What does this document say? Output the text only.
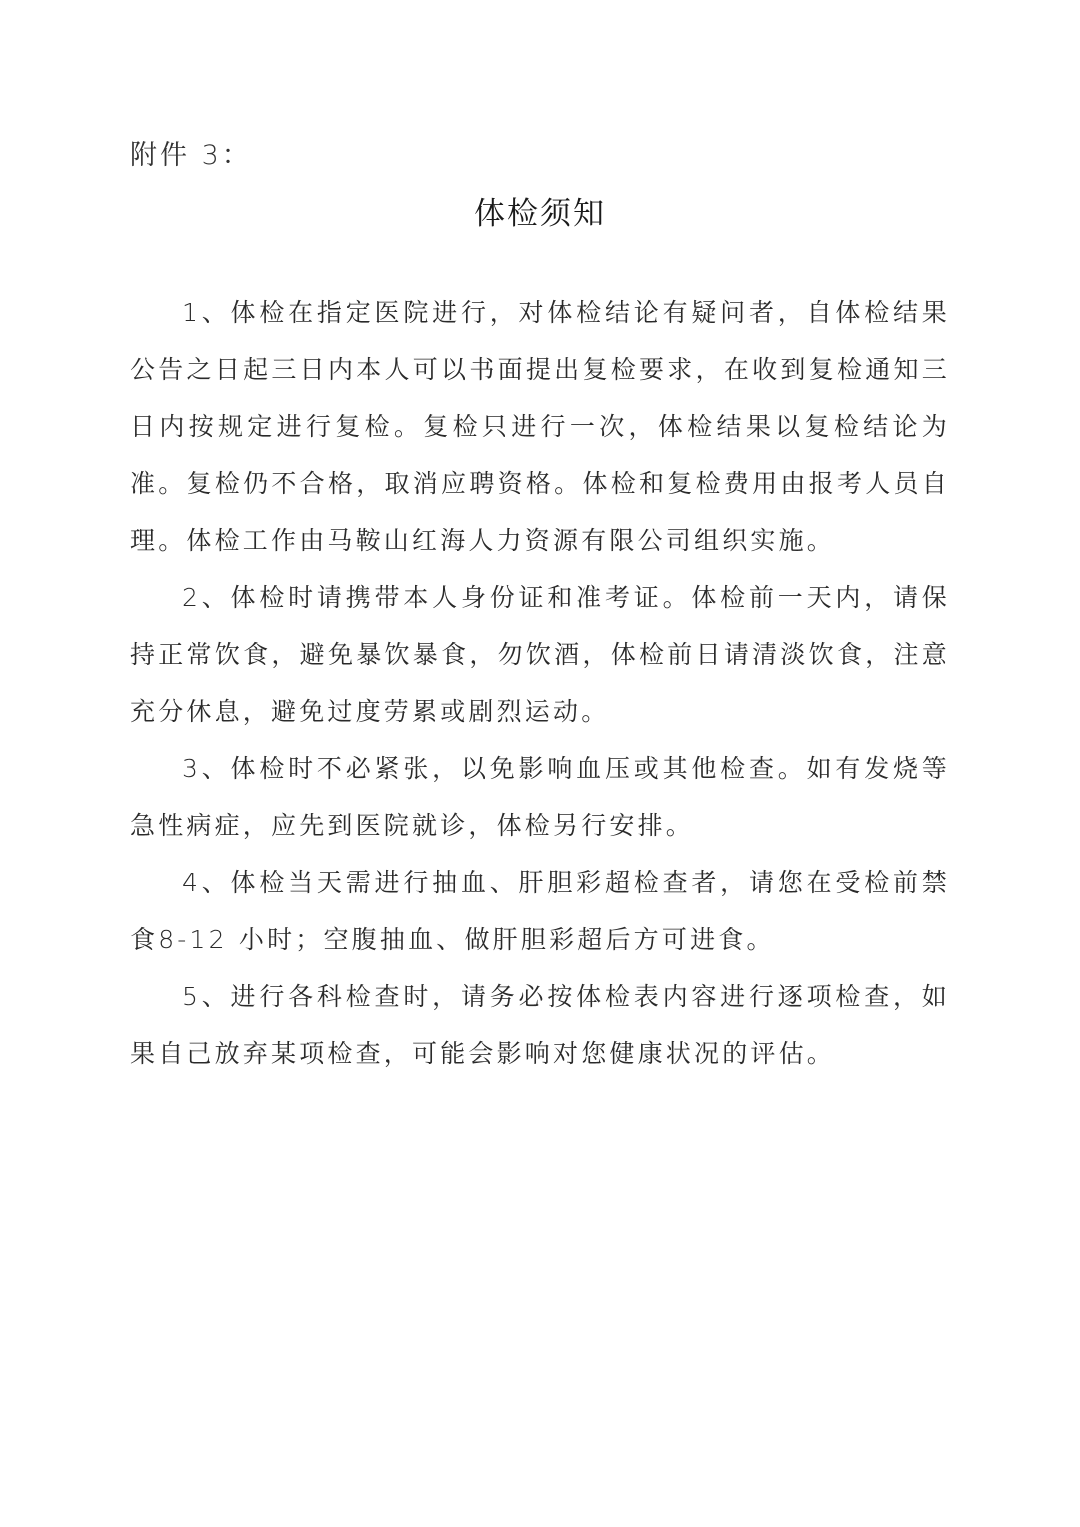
附件 3：
体检须知

1、体检在指定医院进行，对体检结论有疑问者，自体检结果公告之日起三日内本人可以书面提出复检要求，在收到复检通知三日内按规定进行复检。复检只进行一次，体检结果以复检结论为准。复检仍不合格，取消应聘资格。体检和复检费用由报考人员自理。体检工作由马鞍山红海人力资源有限公司组织实施。

2、体检时请携带本人身份证和准考证。体检前一天内，请保持正常饮食，避免暴饮暴食，勿饮酒，体检前日请清淡饮食，注意充分休息，避免过度劳累或剧烈运动。

3、体检时不必紧张，以免影响血压或其他检查。如有发烧等急性病症，应先到医院就诊，体检另行安排。

4、体检当天需进行抽血、肝胆彩超检查者，请您在受检前禁食8-12 小时；空腹抽血、做肝胆彩超后方可进食。

5、进行各科检查时，请务必按体检表内容进行逐项检查，如果自己放弃某项检查，可能会影响对您健康状况的评估。
